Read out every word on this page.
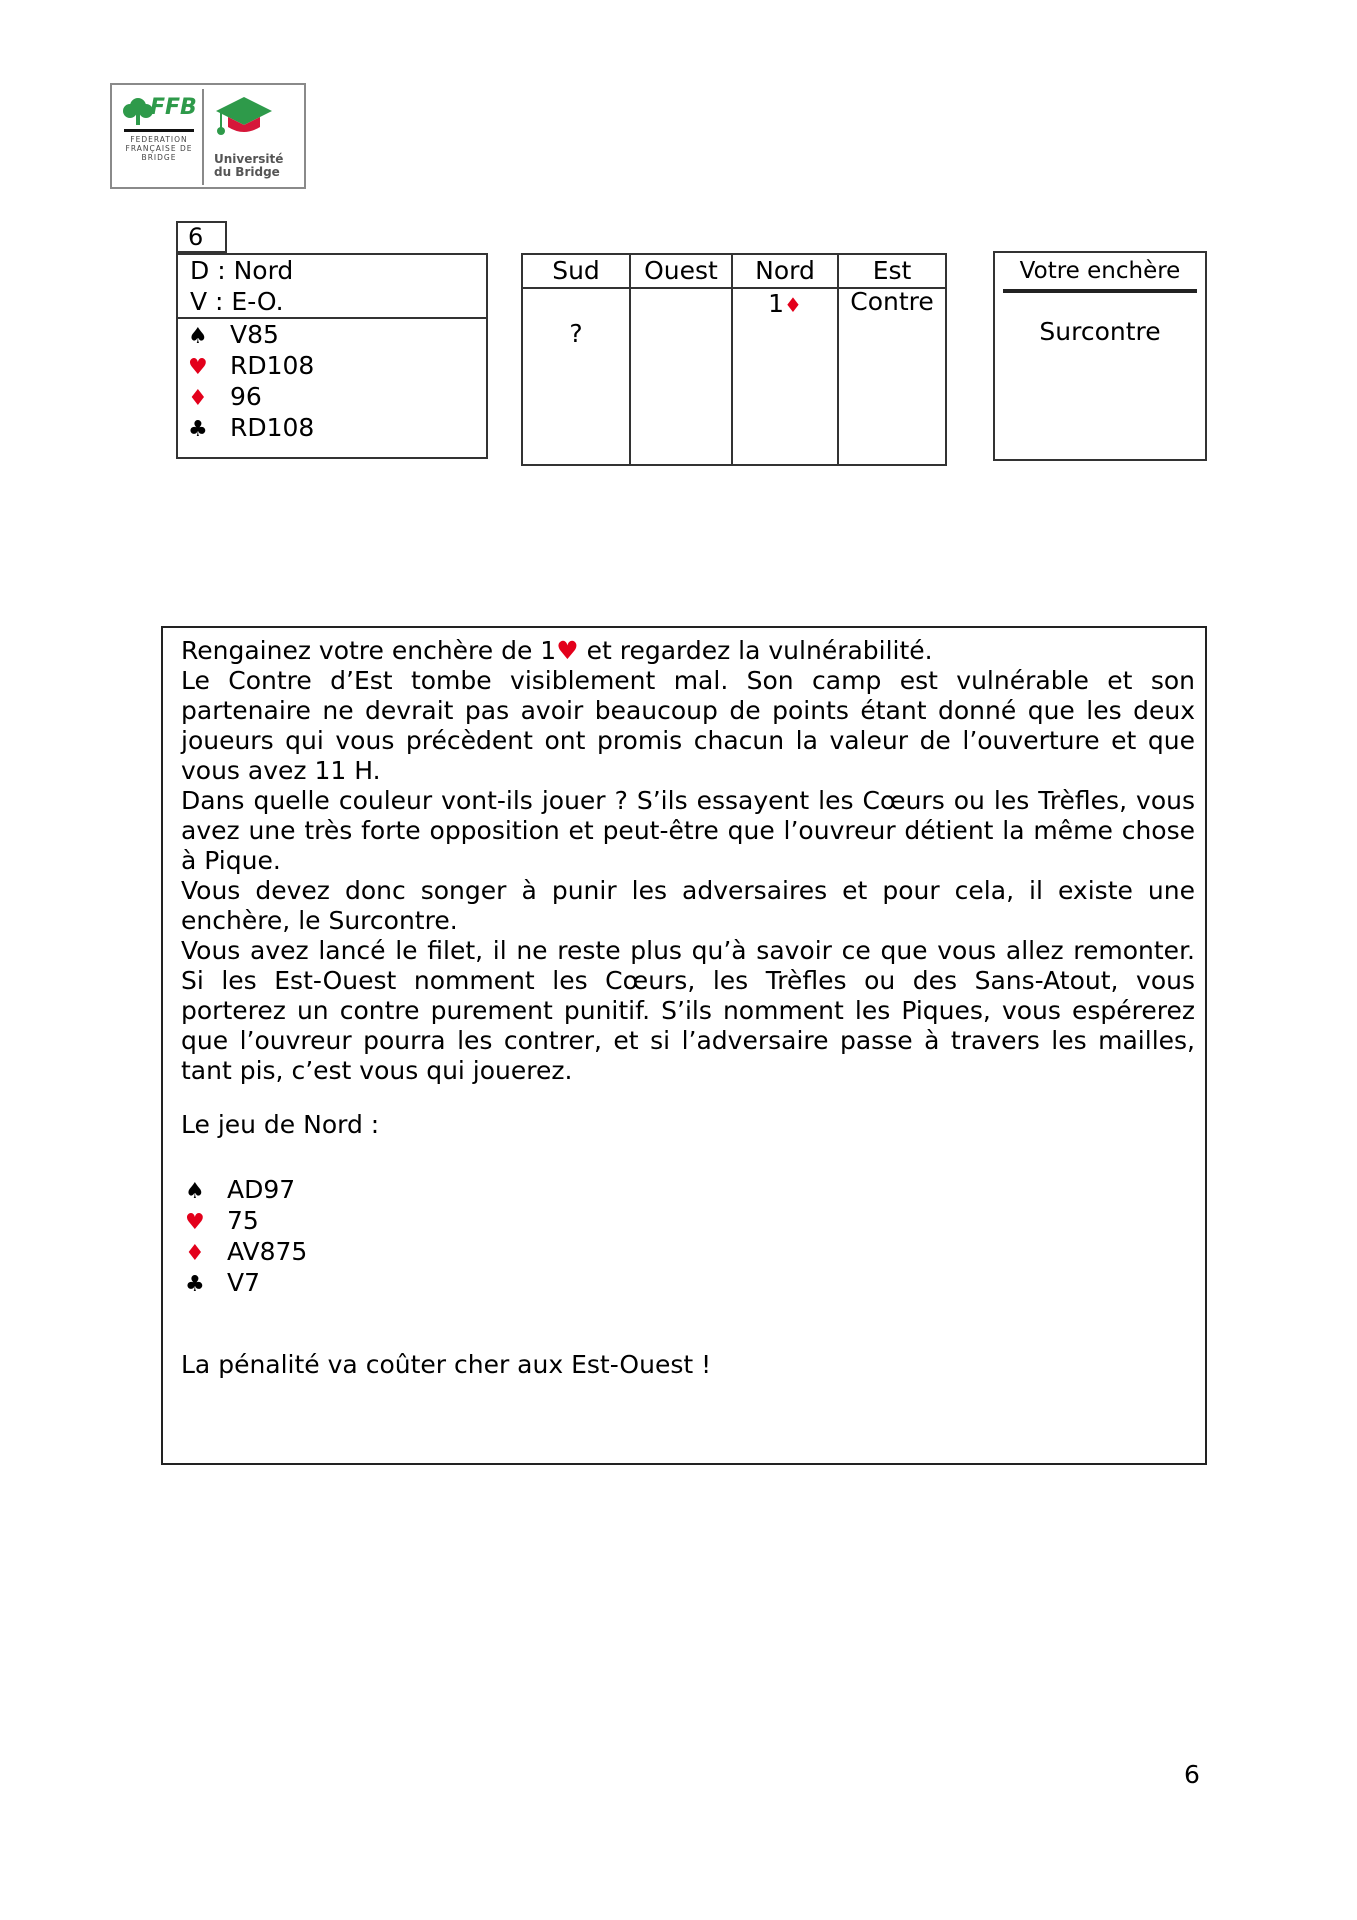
FFB
FEDERATION FRANÇAISE DE BRIDGE	Université
du Bridge
6
D : Nord
V : E-O.
♠ V85
♥ RD108
♦ 96
♣ RD108
Sud
?
Ouest	Nord
1♦
Est
Contre
Votre enchère
Surcontre

Rengainez votre enchère de 1♥ et regardez la vulnérabilité.

Le Contre d’Est tombe visiblement mal. Son camp est vulnérable et son partenaire ne devrait pas avoir beaucoup de points étant donné que les deux joueurs qui vous précèdent ont promis chacun la valeur de l’ouverture et que vous avez 11 H.

Dans quelle couleur vont-ils jouer ? S’ils essayent les Cœurs ou les Trèfles, vous avez une très forte opposition et peut-être que l’ouvreur détient la même chose à Pique.

Vous devez donc songer à punir les adversaires et pour cela, il existe une enchère, le Surcontre.

Vous avez lancé le filet, il ne reste plus qu’à savoir ce que vous allez remonter. Si les Est-Ouest nomment les Cœurs, les Trèfles ou des Sans-Atout, vous porterez un contre purement punitif. S’ils nomment les Piques, vous espérerez que l’ouvreur pourra les contrer, et si l’adversaire passe à travers les mailles, tant pis, c’est vous qui jouerez.

Le jeu de Nord :
♠ AD97
♥ 75
♦ AV875
♣ V7
La pénalité va coûter cher aux Est-Ouest !
6
